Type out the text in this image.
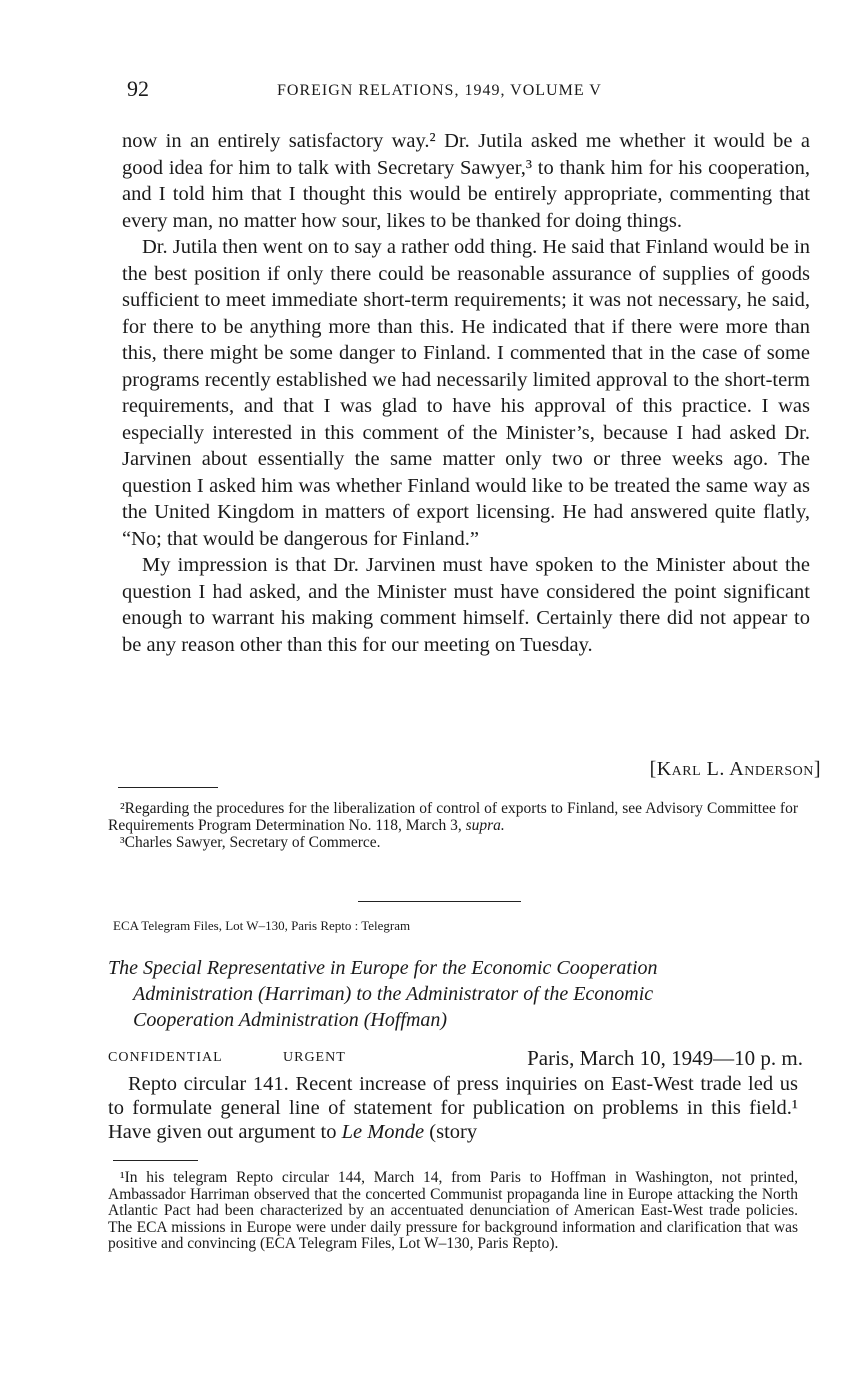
92	FOREIGN RELATIONS, 1949, VOLUME V

now in an entirely satisfactory way.² Dr. Jutila asked me whether it would be a good idea for him to talk with Secretary Sawyer,³ to thank him for his cooperation, and I told him that I thought this would be entirely appropriate, commenting that every man, no matter how sour, likes to be thanked for doing things.

Dr. Jutila then went on to say a rather odd thing. He said that Finland would be in the best position if only there could be reasonable assurance of supplies of goods sufficient to meet immediate short-term requirements; it was not necessary, he said, for there to be anything more than this. He indicated that if there were more than this, there might be some danger to Finland. I commented that in the case of some programs recently established we had necessarily limited approval to the short-term requirements, and that I was glad to have his approval of this practice. I was especially interested in this comment of the Minister’s, because I had asked Dr. Jarvinen about essentially the same matter only two or three weeks ago. The question I asked him was whether Finland would like to be treated the same way as the United Kingdom in matters of export licensing. He had answered quite flatly, “No; that would be dangerous for Finland.”

My impression is that Dr. Jarvinen must have spoken to the Minister about the question I had asked, and the Minister must have considered the point significant enough to warrant his making comment himself. Certainly there did not appear to be any reason other than this for our meeting on Tuesday.

[Karl L. Anderson]

²Regarding the procedures for the liberalization of control of exports to Finland, see Advisory Committee for Requirements Program Determination No. 118, March 3, supra.

³Charles Sawyer, Secretary of Commerce.

ECA Telegram Files, Lot W–130, Paris Repto : Telegram
The Special Representative in Europe for the Economic Cooperation
Administration (Harriman) to the Administrator of the Economic
Cooperation Administration (Hoffman)
CONFIDENTIAL	URGENT	Paris, March 10, 1949—10 p. m.

Repto circular 141. Recent increase of press inquiries on East-West trade led us to formulate general line of statement for publication on problems in this field.¹ Have given out argument to Le Monde (story

¹In his telegram Repto circular 144, March 14, from Paris to Hoffman in Washington, not printed, Ambassador Harriman observed that the concerted Communist propaganda line in Europe attacking the North Atlantic Pact had been characterized by an accentuated denunciation of American East-West trade policies. The ECA missions in Europe were under daily pressure for background information and clarification that was positive and convincing (ECA Telegram Files, Lot W–130, Paris Repto).
